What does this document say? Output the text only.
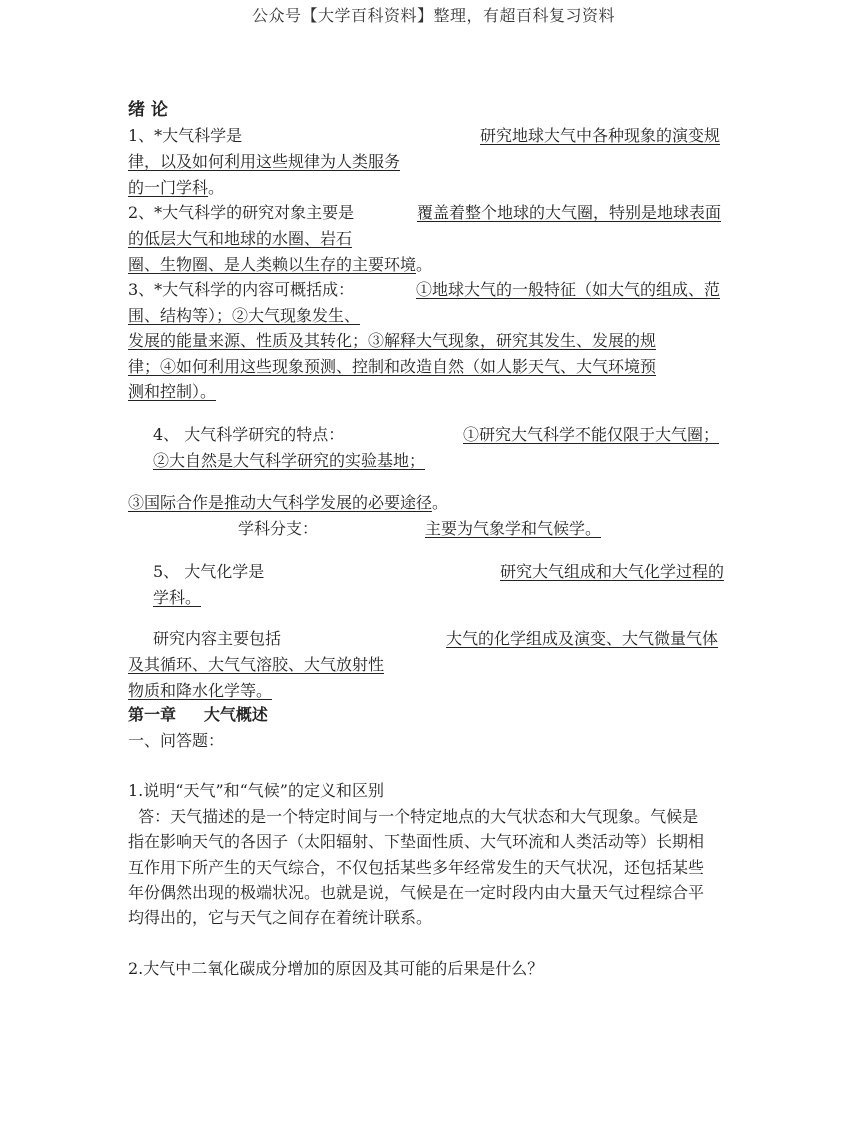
公众号【大学百科资料】整理，有超百科复习资料
绪 论
1、*大气科学是	研究地球大气中各种现象的演变规
律，以及如何利用这些规律为人类服务
的一门学科。
2、*大气科学的研究对象主要是	覆盖着整个地球的大气圈，特别是地球表面
的低层大气和地球的水圈、岩石
圈、生物圈、是人类赖以生存的主要环境。
3、*大气科学的内容可概括成：	①地球大气的一般特征（如大气的组成、范
围、结构等）；②大气现象发生、
发展的能量来源、性质及其转化；③解释大气现象，研究其发生、发展的规
律；④如何利用这些现象预测、控制和改造自然（如人影天气、大气环境预
测和控制）。
4、 大气科学研究的特点：	①研究大气科学不能仅限于大气圈；
②大自然是大气科学研究的实验基地；
③国际合作是推动大气科学发展的必要途径。
学科分支：	主要为气象学和气候学。
5、 大气化学是	研究大气组成和大气化学过程的
学科。
研究内容主要包括	大气的化学组成及演变、大气微量气体
及其循环、大气气溶胶、大气放射性
物质和降水化学等。
第一章     大气概述
一、问答题：
1.说明“天气”和“气候”的定义和区别
答：天气描述的是一个特定时间与一个特定地点的大气状态和大气现象。气候是
指在影响天气的各因子（太阳辐射、下垫面性质、大气环流和人类活动等）长期相
互作用下所产生的天气综合，不仅包括某些多年经常发生的天气状况，还包括某些
年份偶然出现的极端状况。也就是说，气候是在一定时段内由大量天气过程综合平
均得出的，它与天气之间存在着统计联系。
2.大气中二氧化碳成分增加的原因及其可能的后果是什么？
